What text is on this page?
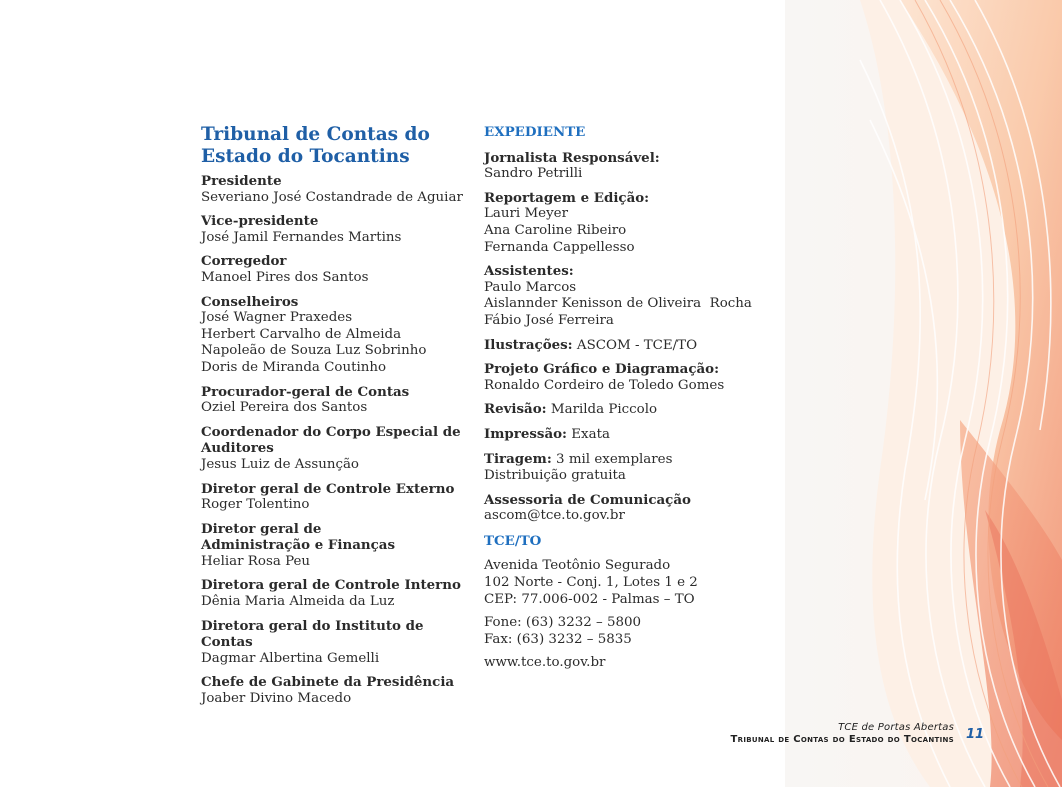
Tribunal de Contas do Estado do Tocantins
Presidente
Severiano José Costandrade de Aguiar
Vice-presidente
José Jamil Fernandes Martins
Corregedor
Manoel Pires dos Santos
Conselheiros
José Wagner Praxedes
Herbert Carvalho de Almeida
Napoleão de Souza Luz Sobrinho
Doris de Miranda Coutinho
Procurador-geral de Contas
Oziel Pereira dos Santos
Coordenador do Corpo Especial de Auditores
Jesus Luiz de Assunção
Diretor geral de Controle Externo
Roger Tolentino
Diretor geral de Administração e Finanças
Heliar Rosa Peu
Diretora geral de Controle Interno
Dênia Maria Almeida da Luz
Diretora geral do Instituto de Contas
Dagmar Albertina Gemelli
Chefe de Gabinete da Presidência
Joaber Divino Macedo
EXPEDIENTE
Jornalista Responsável:
Sandro Petrilli
Reportagem e Edição:
Lauri Meyer
Ana Caroline Ribeiro
Fernanda Cappellesso
Assistentes:
Paulo Marcos
Aislannder Kenisson de Oliveira  Rocha
Fábio José Ferreira
Ilustrações: ASCOM - TCE/TO
Projeto Gráfico e Diagramação:
Ronaldo Cordeiro de Toledo Gomes
Revisão: Marilda Piccolo
Impressão: Exata
Tiragem: 3 mil exemplares
Distribuição gratuita
Assessoria de Comunicação
ascom@tce.to.gov.br
TCE/TO
Avenida Teotônio Segurado
102 Norte - Conj. 1, Lotes 1 e 2
CEP: 77.006-002 - Palmas – TO
Fone: (63) 3232 – 5800
Fax: (63) 3232 – 5835
www.tce.to.gov.br
TCE de Portas Abertas
Tribunal de Contas do Estado do Tocantins 11
